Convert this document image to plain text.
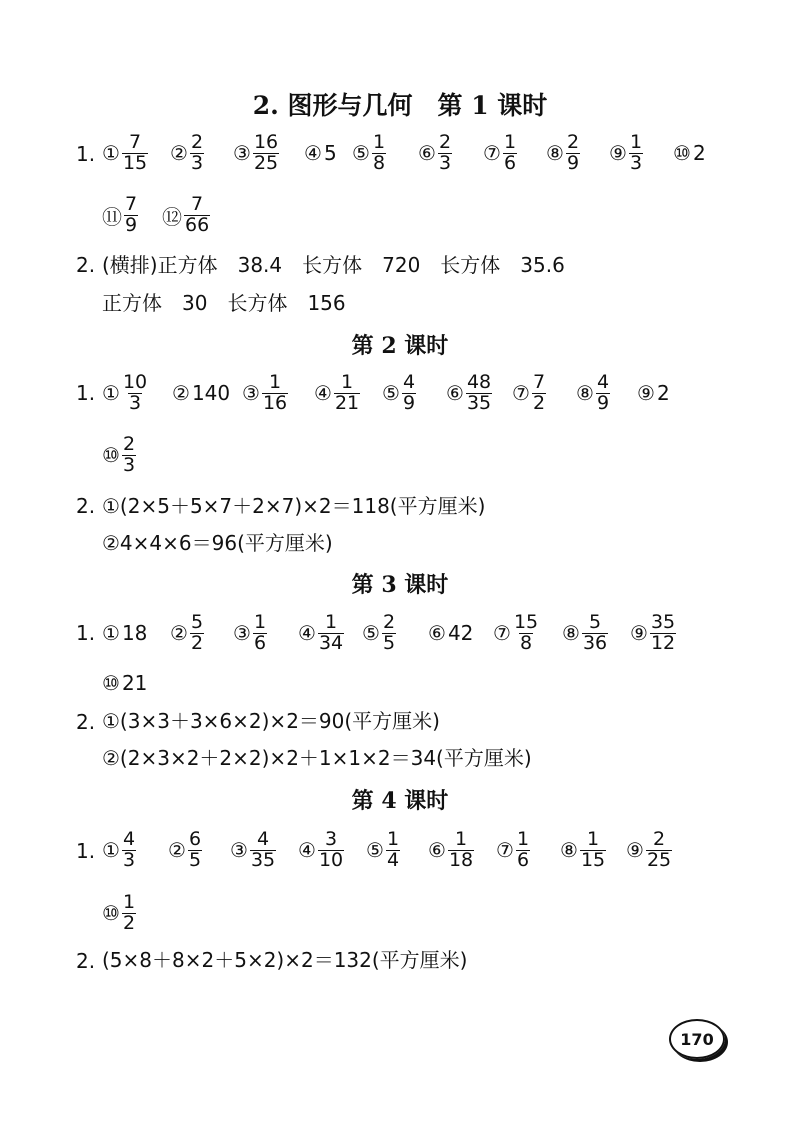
2. 图形与几何　第 1 课时
1. ① $\frac{7}{15}$ ② $\frac{2}{3}$ ③ $\frac{16}{25}$ ④ 5 ⑤ $\frac{1}{8}$ ⑥ $\frac{2}{3}$ ⑦ $\frac{1}{6}$ ⑧ $\frac{2}{9}$ ⑨ $\frac{1}{3}$ ⑩ 2
⑪ $\frac{7}{9}$ ⑫ $\frac{7}{66}$
2. (横排)正方体　38.4　长方体　720　长方体　35.6
正方体　30　长方体　156
第 2 课时
1. ① $\frac{10}{3}$ ② 140 ③ $\frac{1}{16}$ ④ $\frac{1}{21}$ ⑤ $\frac{4}{9}$ ⑥ $\frac{48}{35}$ ⑦ $\frac{7}{2}$ ⑧ $\frac{4}{9}$ ⑨ 2
⑩ $\frac{2}{3}$
2. ①(2×5＋5×7＋2×7)×2＝118(平方厘米)
②4×4×6＝96(平方厘米)
第 3 课时
1. ① 18 ② $\frac{5}{2}$ ③ $\frac{1}{6}$ ④ $\frac{1}{34}$ ⑤ $\frac{2}{5}$ ⑥ 42 ⑦ $\frac{15}{8}$ ⑧ $\frac{5}{36}$ ⑨ $\frac{35}{12}$
⑩ 21
2. ①(3×3＋3×6×2)×2＝90(平方厘米)
②(2×3×2＋2×2)×2＋1×1×2＝34(平方厘米)
第 4 课时
1. ① $\frac{4}{3}$ ② $\frac{6}{5}$ ③ $\frac{4}{35}$ ④ $\frac{3}{10}$ ⑤ $\frac{1}{4}$ ⑥ $\frac{1}{18}$ ⑦ $\frac{1}{6}$ ⑧ $\frac{1}{15}$ ⑨ $\frac{2}{25}$
⑩ $\frac{1}{2}$
2. (5×8＋8×2＋5×2)×2＝132(平方厘米)
170
